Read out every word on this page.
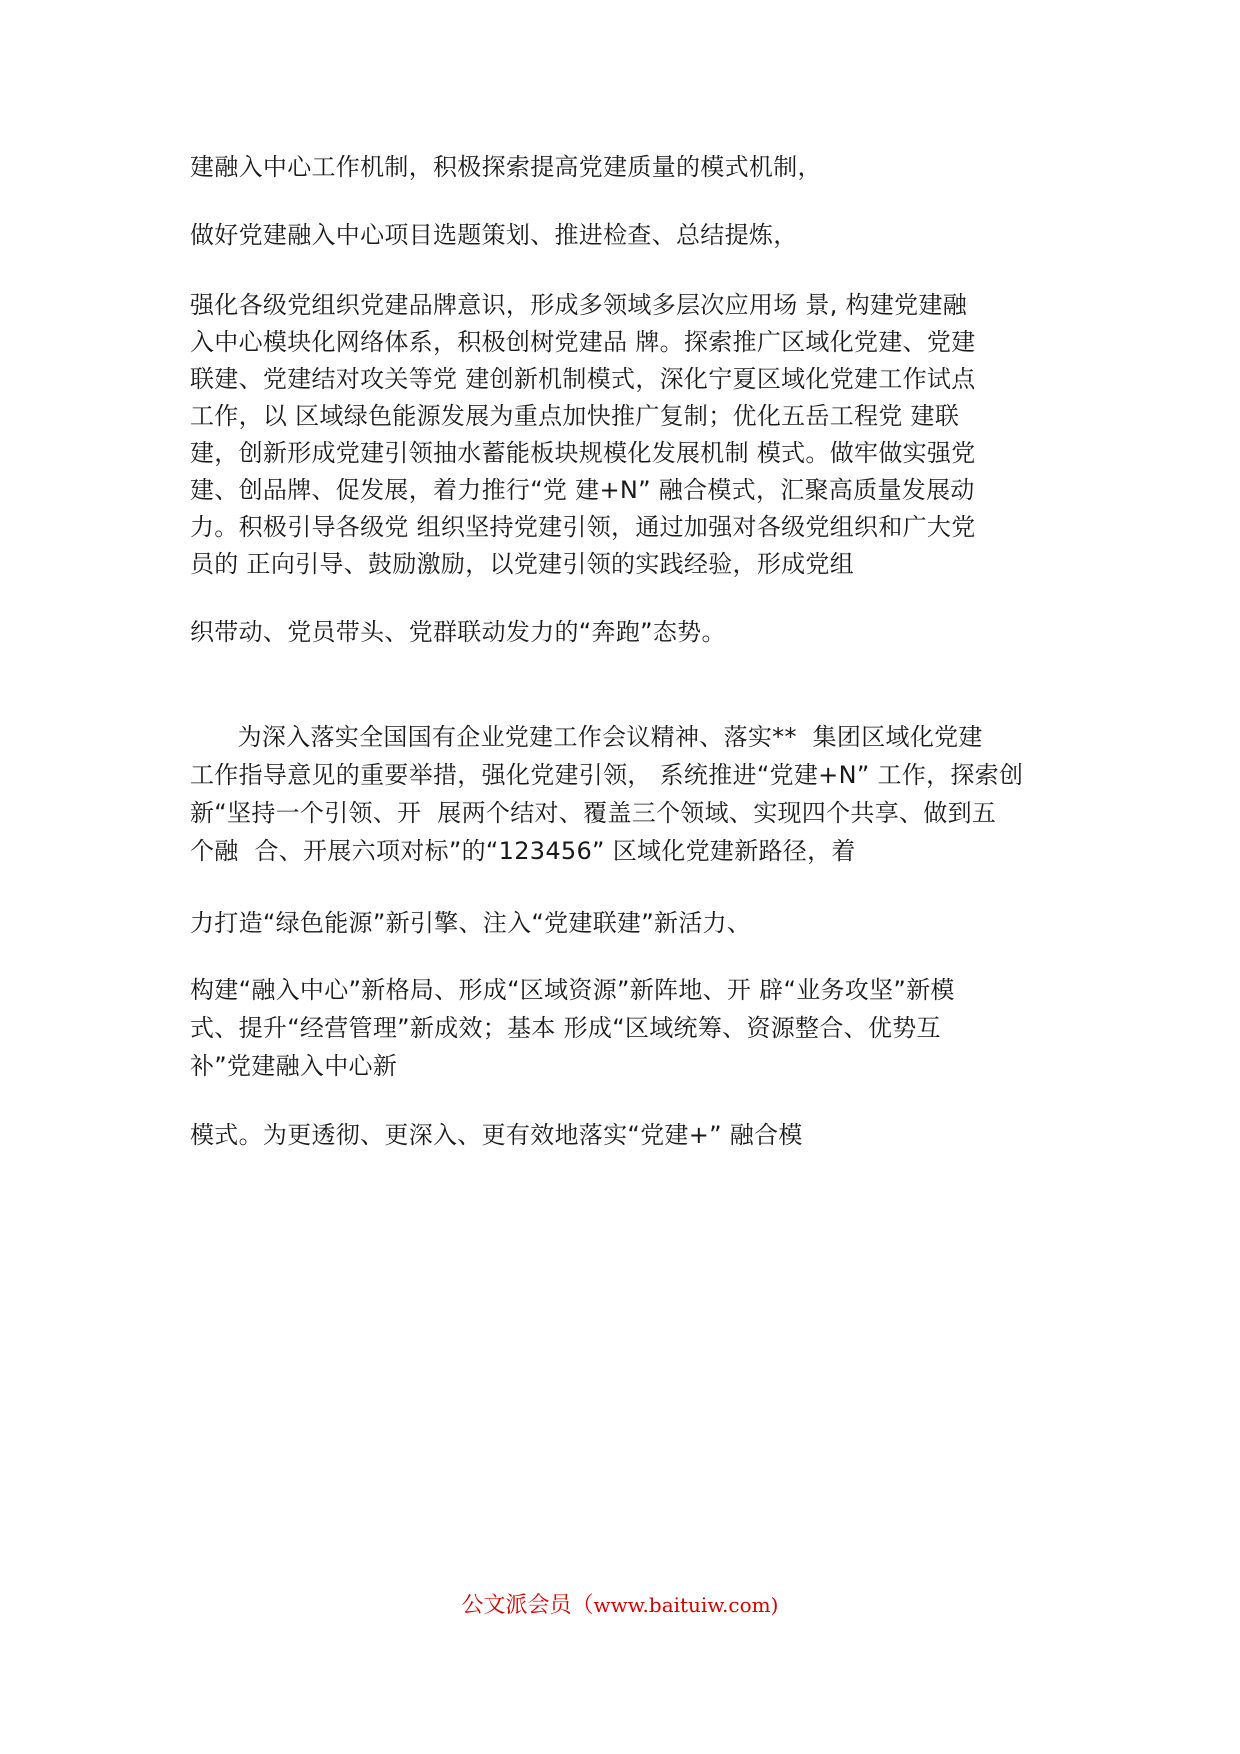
建融入中心工作机制，积极探索提高党建质量的模式机制，
做好党建融入中心项目选题策划、推进检查、总结提炼，
强化各级党组织党建品牌意识，形成多领域多层次应用场 景, 构建党建融
入中心模块化网络体系，积极创树党建品 牌。探索推广区域化党建、党建
联建、党建结对攻关等党 建创新机制模式，深化宁夏区域化党建工作试点
工作，以 区域绿色能源发展为重点加快推广复制；优化五岳工程党 建联
建，创新形成党建引领抽水蓄能板块规模化发展机制 模式。做牢做实强党
建、创品牌、促发展，着力推行“党 建+N” 融合模式，汇聚高质量发展动
力。积极引导各级党 组织坚持党建引领，通过加强对各级党组织和广大党
员的 正向引导、鼓励激励，以党建引领的实践经验，形成党组
织带动、党员带头、党群联动发力的“奔跑”态势。
为深入落实全国国有企业党建工作会议精神、落实**  集团区域化党建
工作指导意见的重要举措，强化党建引领， 系统推进“党建+N” 工作，探索创
新“坚持一个引领、开  展两个结对、覆盖三个领域、实现四个共享、做到五
个融  合、开展六项对标”的“123456” 区域化党建新路径，着
力打造“绿色能源”新引擎、注入“党建联建”新活力、
构建“融入中心”新格局、形成“区域资源”新阵地、开 辟“业务攻坚”新模
式、提升“经营管理”新成效；基本 形成“区域统筹、资源整合、优势互
补”党建融入中心新
模式。为更透彻、更深入、更有效地落实“党建+” 融合模
公文派会员（www.baituiw.com)
